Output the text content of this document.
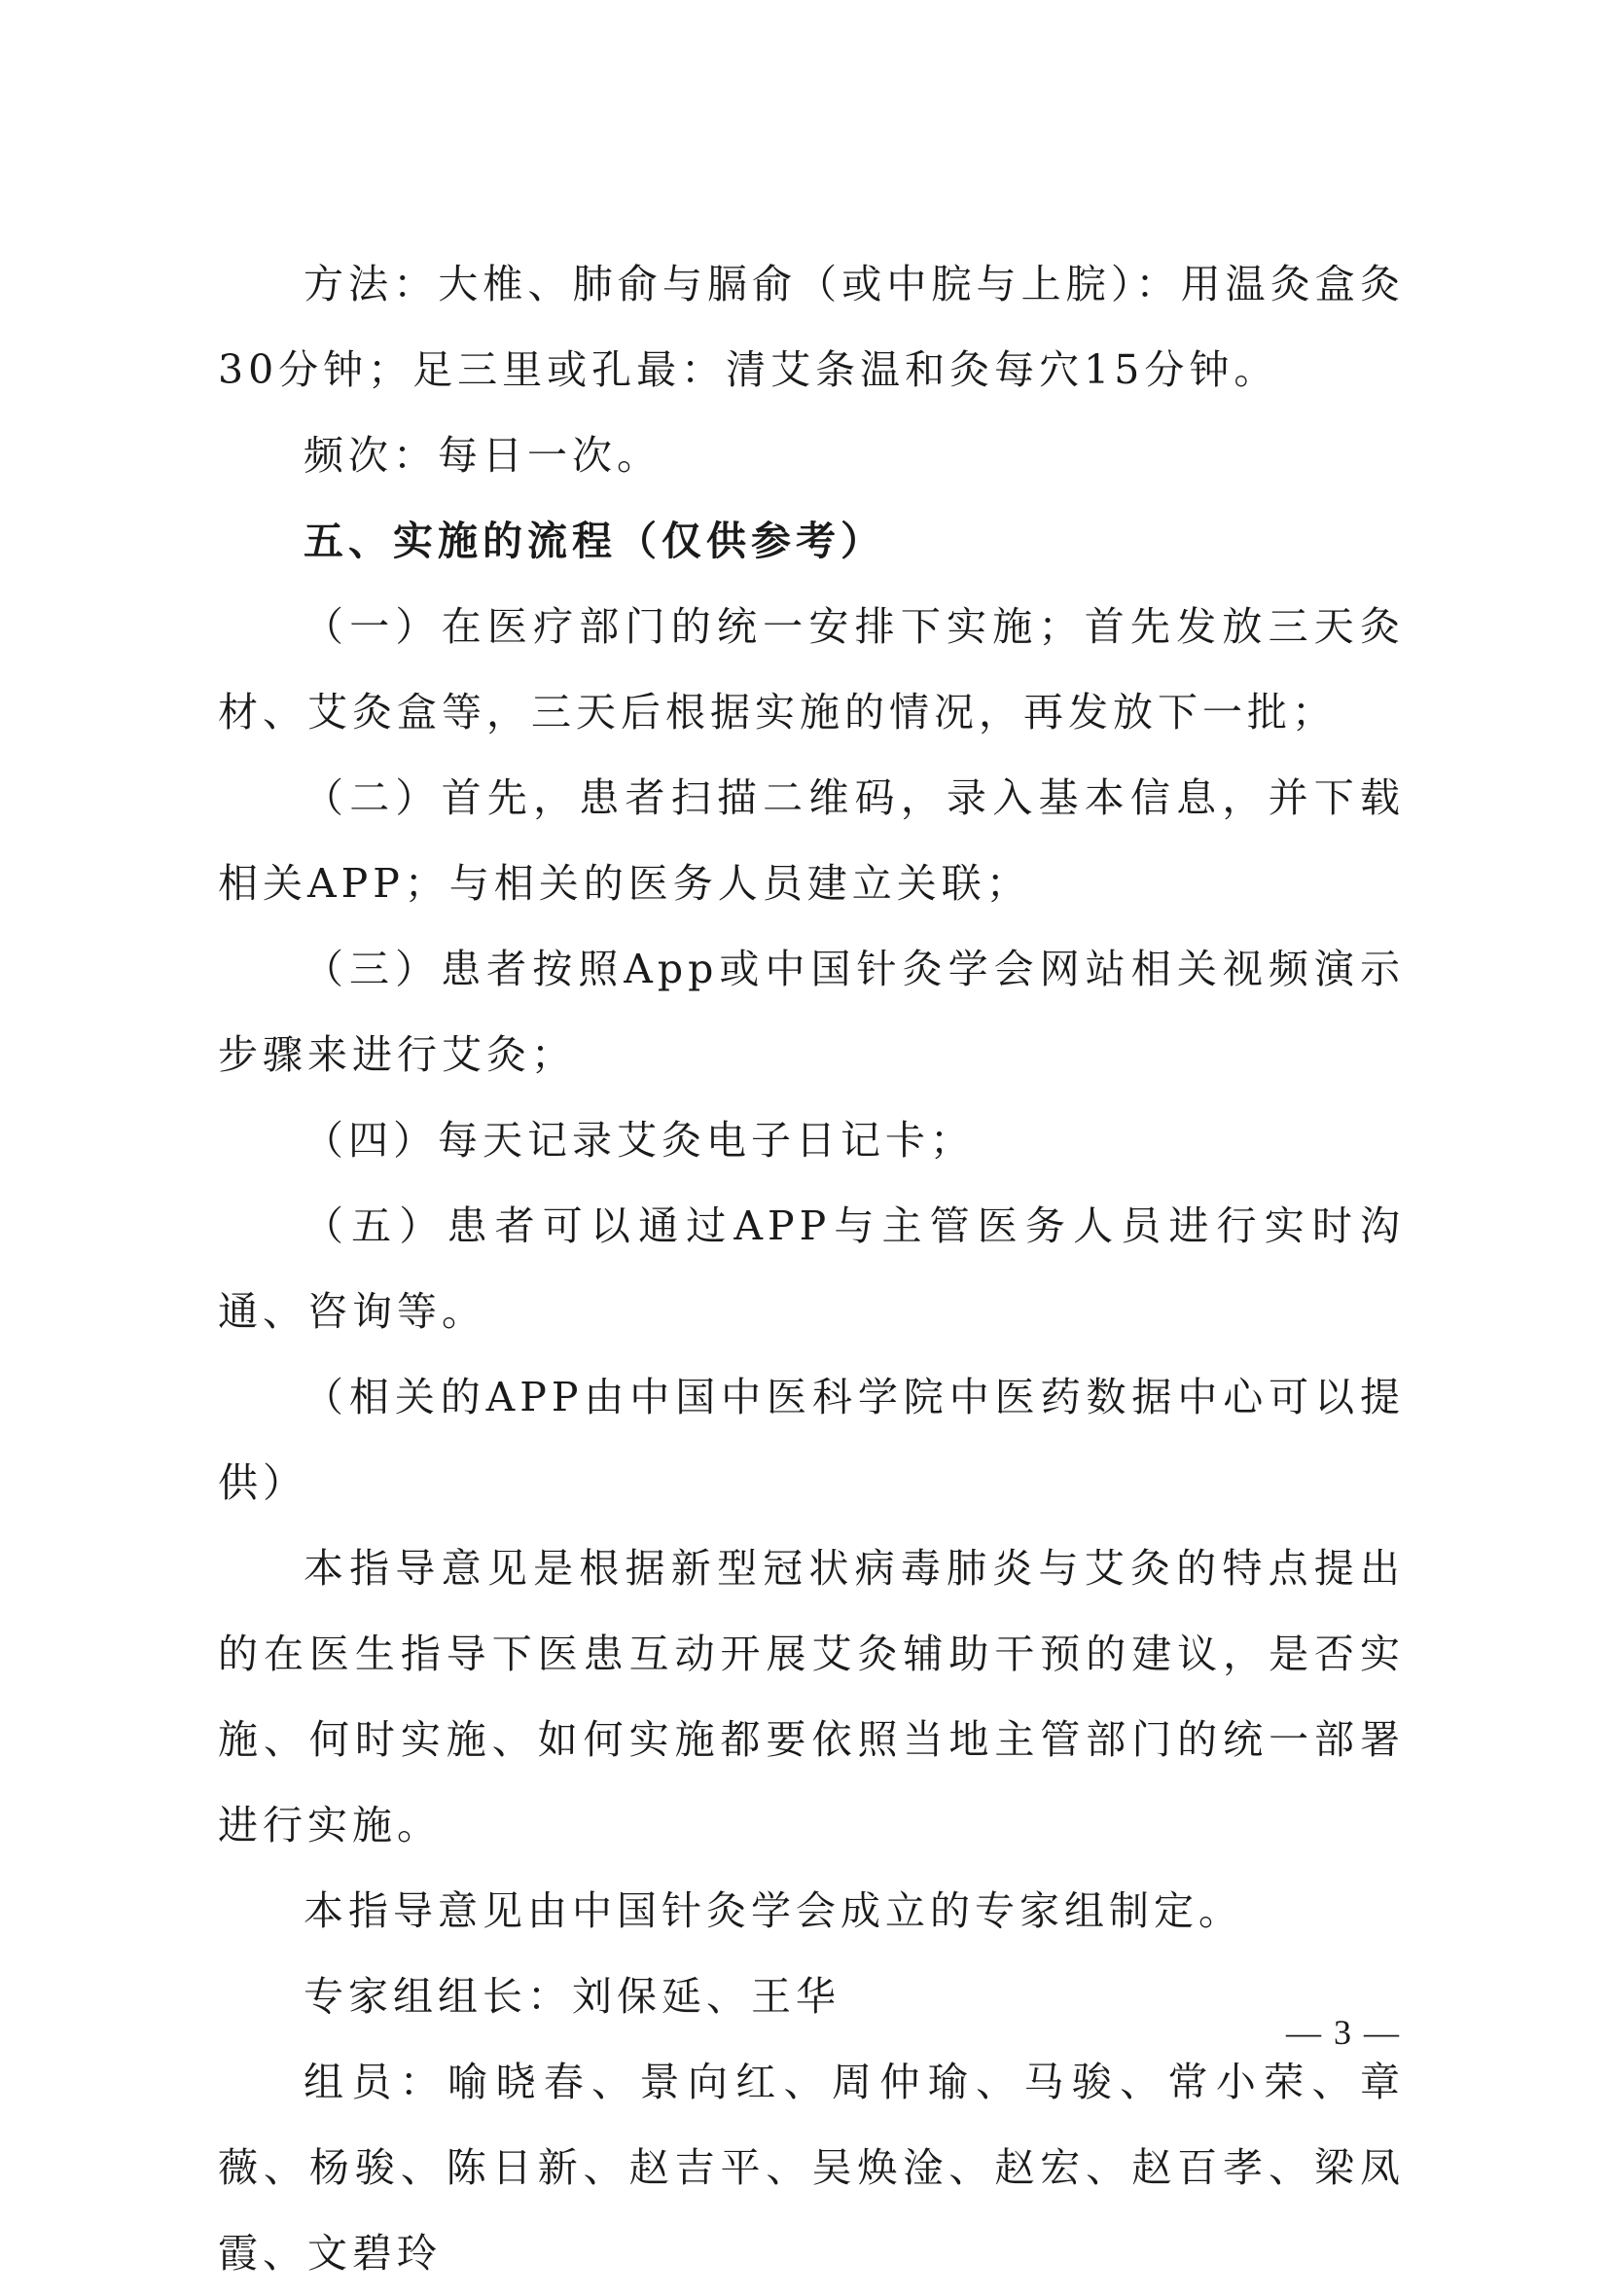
方法：大椎、肺俞与膈俞（或中脘与上脘）：用温灸盒灸30分钟；足三里或孔最：清艾条温和灸每穴15分钟。

频次：每日一次。

五、实施的流程（仅供参考）

（一）在医疗部门的统一安排下实施；首先发放三天灸材、艾灸盒等，三天后根据实施的情况，再发放下一批；

（二）首先，患者扫描二维码，录入基本信息，并下载相关APP；与相关的医务人员建立关联；

（三）患者按照App或中国针灸学会网站相关视频演示步骤来进行艾灸；

（四）每天记录艾灸电子日记卡；

（五）患者可以通过APP与主管医务人员进行实时沟通、咨询等。

（相关的APP由中国中医科学院中医药数据中心可以提供）

本指导意见是根据新型冠状病毒肺炎与艾灸的特点提出的在医生指导下医患互动开展艾灸辅助干预的建议，是否实施、何时实施、如何实施都要依照当地主管部门的统一部署进行实施。

本指导意见由中国针灸学会成立的专家组制定。

专家组组长：刘保延、王华

组员：喻晓春、景向红、周仲瑜、马骏、常小荣、章薇、杨骏、陈日新、赵吉平、吴焕淦、赵宏、赵百孝、梁凤霞、文碧玲

— 3 —
